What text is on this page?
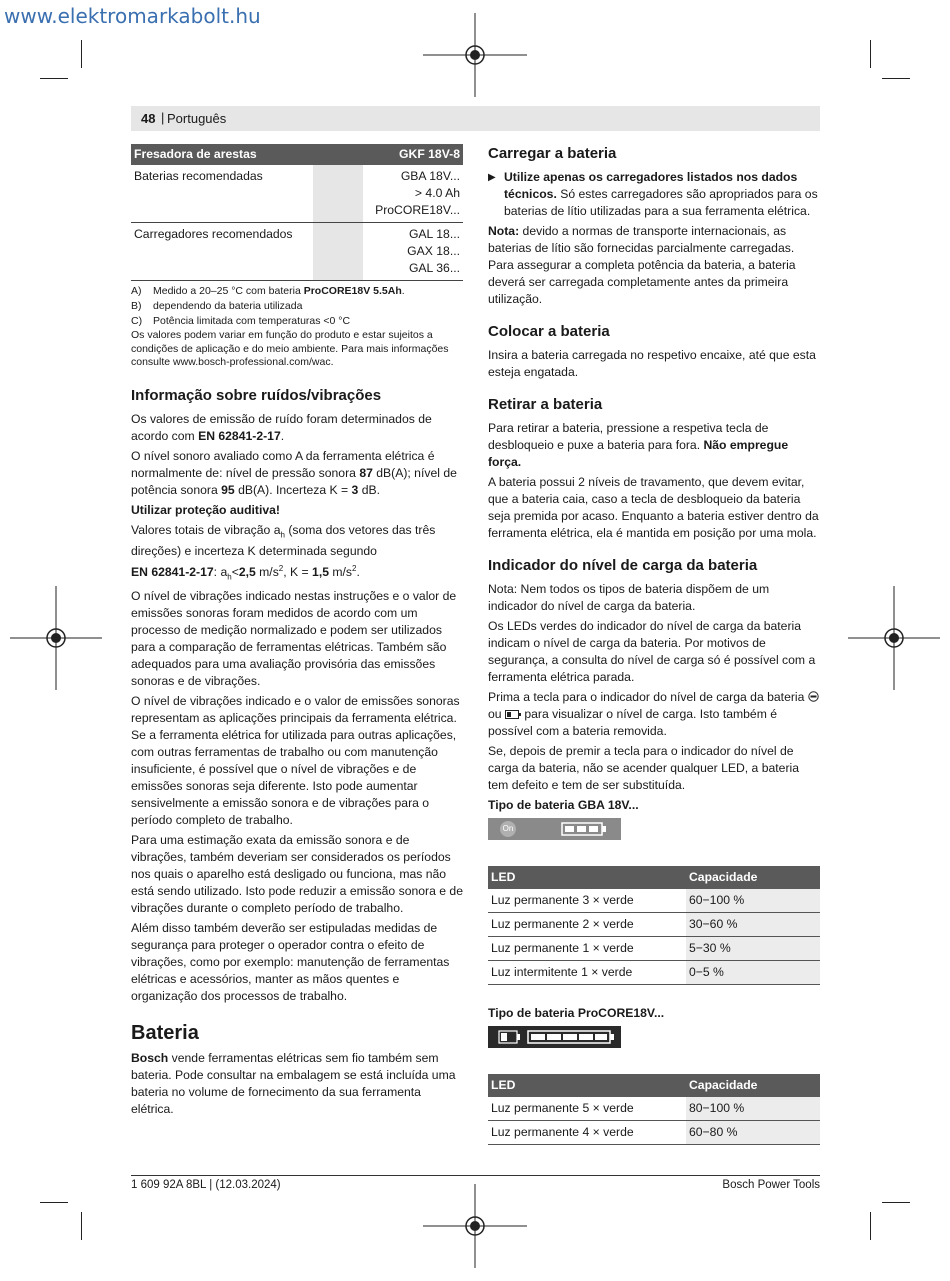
www.elektromarkabolt.hu
48 | Português
Fresadora de arestas		GKF 18V-8
Baterias recomendadas		GBA 18V...
> 4.0 Ah
ProCORE18V...

Carregadores recomendados		GAL 18...
GAX 18...
GAL 36...
A) Medido a 20–25 °C com bateria ProCORE18V 5.5Ah.
B) dependendo da bateria utilizada
C) Potência limitada com temperaturas <0 °C
Os valores podem variar em função do produto e estar sujeitos a condições de aplicação e do meio ambiente. Para mais informações consulte www.bosch-professional.com/wac.
Informação sobre ruídos/vibrações

Os valores de emissão de ruído foram determinados de acordo com EN 62841-2-17.

O nível sonoro avaliado como A da ferramenta elétrica é normalmente de: nível de pressão sonora 87 dB(A); nível de potência sonora 95 dB(A). Incerteza K = 3 dB.

Utilizar proteção auditiva!

Valores totais de vibração $a_h$ (soma dos vetores das três direções) e incerteza K determinada segundo
EN 62841-2-17: $a_h<2,5$ $m/s^2$, K = 1,5 $m/s^2$.

O nível de vibrações indicado nestas instruções e o valor de emissões sonoras foram medidos de acordo com um processo de medição normalizado e podem ser utilizados para a comparação de ferramentas elétricas. Também são adequados para uma avaliação provisória das emissões sonoras e de vibrações.

O nível de vibrações indicado e o valor de emissões sonoras representam as aplicações principais da ferramenta elétrica. Se a ferramenta elétrica for utilizada para outras aplicações, com outras ferramentas de trabalho ou com manutenção insuficiente, é possível que o nível de vibrações e de emissões sonoras seja diferente. Isto pode aumentar sensivelmente a emissão sonora e de vibrações para o período completo de trabalho.

Para uma estimação exata da emissão sonora e de vibrações, também deveriam ser considerados os períodos nos quais o aparelho está desligado ou funciona, mas não está sendo utilizado. Isto pode reduzir a emissão sonora e de vibrações durante o completo período de trabalho.

Além disso também deverão ser estipuladas medidas de segurança para proteger o operador contra o efeito de vibrações, como por exemplo: manutenção de ferramentas elétricas e acessórios, manter as mãos quentes e organização dos processos de trabalho.

Bateria

Bosch vende ferramentas elétricas sem fio também sem bateria. Pode consultar na embalagem se está incluída uma bateria no volume de fornecimento da sua ferramenta elétrica.

Carregar a bateria

▶ Utilize apenas os carregadores listados nos dados técnicos. Só estes carregadores são apropriados para os baterias de lítio utilizadas para a sua ferramenta elétrica.

Nota: devido a normas de transporte internacionais, as baterias de lítio são fornecidas parcialmente carregadas. Para assegurar a completa potência da bateria, a bateria deverá ser carregada completamente antes da primeira utilização.

Colocar a bateria

Insira a bateria carregada no respetivo encaixe, até que esta esteja engatada.

Retirar a bateria

Para retirar a bateria, pressione a respetiva tecla de desbloqueio e puxe a bateria para fora. Não empregue força.

A bateria possui 2 níveis de travamento, que devem evitar, que a bateria caia, caso a tecla de desbloqueio da bateria seja premida por acaso. Enquanto a bateria estiver dentro da ferramenta elétrica, ela é mantida em posição por uma mola.

Indicador do nível de carga da bateria

Nota: Nem todos os tipos de bateria dispõem de um indicador do nível de carga da bateria.

Os LEDs verdes do indicador do nível de carga da bateria indicam o nível de carga da bateria. Por motivos de segurança, a consulta do nível de carga só é possível com a ferramenta elétrica parada.

Prima a tecla para o indicador do nível de carga da bateria  ou para visualizar o nível de carga. Isto também é possível com a bateria removida.

Se, depois de premir a tecla para o indicador do nível de carga da bateria, não se acender qualquer LED, a bateria tem defeito e tem de ser substituída.

Tipo de bateria GBA 18V...

On
LED	Capacidade
Luz permanente 3 × verde	60−100 %
Luz permanente 2 × verde	30−60 %
Luz permanente 1 × verde	5−30 %
Luz intermitente 1 × verde	0−5 %

Tipo de bateria ProCORE18V...

LED	Capacidade
Luz permanente 5 × verde	80−100 %
Luz permanente 4 × verde	60−80 %
1 609 92A 8BL | (12.03.2024)	Bosch Power Tools
